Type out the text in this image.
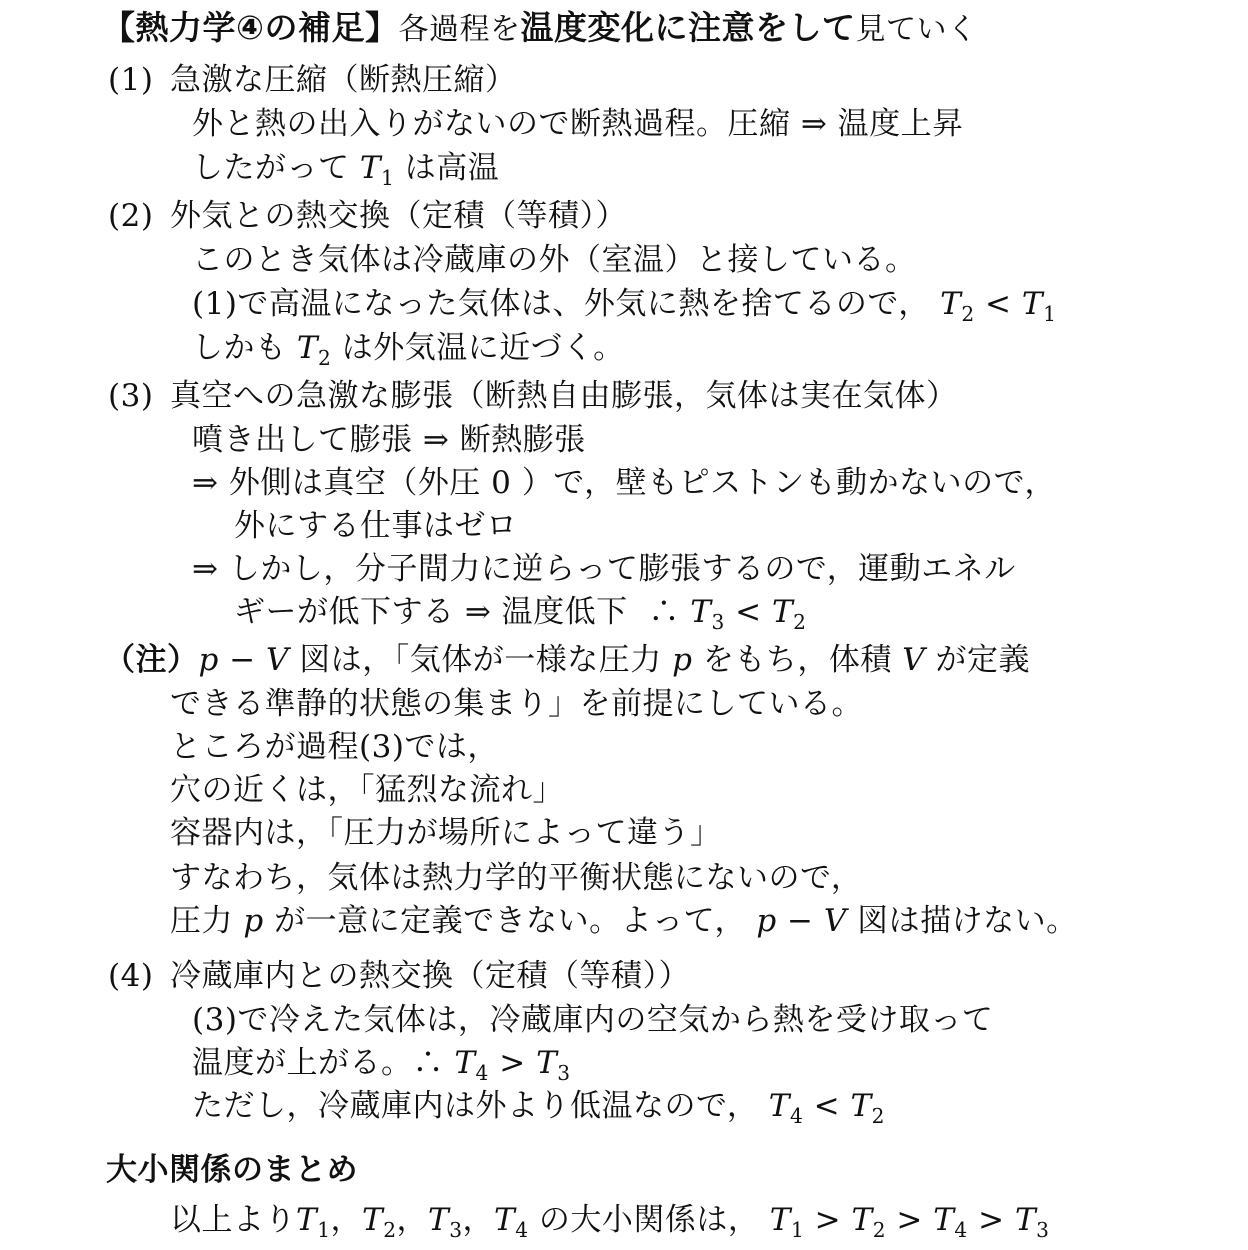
【熱力学④の補足】各過程を温度変化に注意をして見ていく
(1) 急激な圧縮（断熱圧縮）
外と熱の出入りがないので断熱過程。圧縮 ⇒ 温度上昇
したがって $T_1$ は高温
(2) 外気との熱交換（定積（等積））
このとき気体は冷蔵庫の外（室温）と接している。
(1)で高温になった気体は、外気に熱を捨てるので， $T_2 < T_1$
しかも $T_2$ は外気温に近づく。
(3) 真空への急激な膨張（断熱自由膨張，気体は実在気体）
噴き出して膨張 ⇒ 断熱膨張
⇒ 外側は真空（外圧 0 ）で，壁もピストンも動かないので，
外にする仕事はゼロ
⇒ しかし，分子間力に逆らって膨張するので，運動エネル
ギーが低下する ⇒ 温度低下 ∴ $T_3 < T_2$
（注）p − V 図は，「気体が一様な圧力 p をもち，体積 V が定義
できる準静的状態の集まり」を前提にしている。
ところが過程(3)では，
穴の近くは，「猛烈な流れ」
容器内は，「圧力が場所によって違う」
すなわち，気体は熱力学的平衡状態にないので，
圧力 p が一意に定義できない。よって， p − V 図は描けない。
(4) 冷蔵庫内との熱交換（定積（等積））
(3)で冷えた気体は，冷蔵庫内の空気から熱を受け取って
温度が上がる。∴ $T_4 > T_3$
ただし，冷蔵庫内は外より低温なので， $T_4 < T_2$
大小関係のまとめ
以上より$T_1$，$T_2$，$T_3$，$T_4$ の大小関係は， $T_1 > T_2 > T_4 > T_3$
